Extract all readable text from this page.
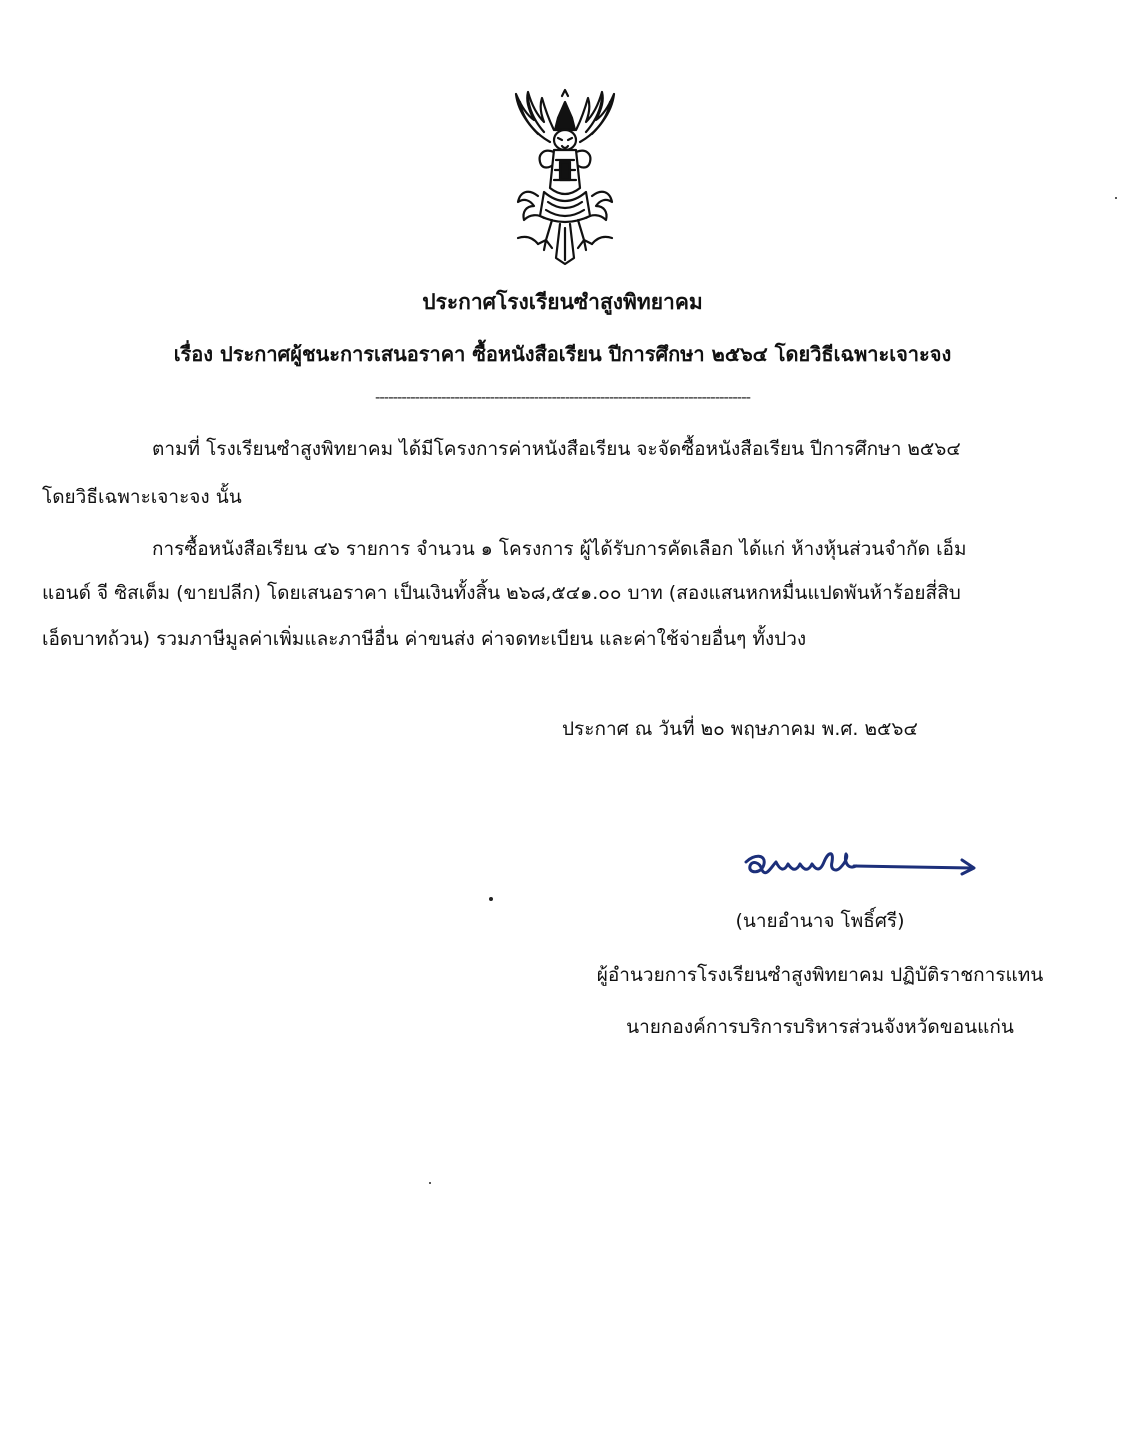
ประกาศโรงเรียนซำสูงพิทยาคม
เรื่อง ประกาศผู้ชนะการเสนอราคา ซื้อหนังสือเรียน ปีการศึกษา ๒๕๖๔ โดยวิธีเฉพาะเจาะจง
-------------------------------------------------------------------------------------
ตามที่ โรงเรียนซำสูงพิทยาคม ได้มีโครงการค่าหนังสือเรียน จะจัดซื้อหนังสือเรียน ปีการศึกษา ๒๕๖๔
โดยวิธีเฉพาะเจาะจง นั้น
การซื้อหนังสือเรียน ๔๖ รายการ จำนวน ๑ โครงการ ผู้ได้รับการคัดเลือก ได้แก่ ห้างหุ้นส่วนจำกัด เอ็ม
แอนด์ จี ซิสเต็ม (ขายปลีก) โดยเสนอราคา เป็นเงินทั้งสิ้น ๒๖๘,๕๔๑.๐๐ บาท (สองแสนหกหมื่นแปดพันห้าร้อยสี่สิบ
เอ็ดบาทถ้วน) รวมภาษีมูลค่าเพิ่มและภาษีอื่น ค่าขนส่ง ค่าจดทะเบียน และค่าใช้จ่ายอื่นๆ ทั้งปวง
ประกาศ ณ วันที่ ๒๐ พฤษภาคม พ.ศ. ๒๕๖๔
(นายอำนาจ โพธิ์ศรี)
ผู้อำนวยการโรงเรียนซำสูงพิทยาคม ปฏิบัติราชการแทน
นายกองค์การบริการบริหารส่วนจังหวัดขอนแก่น
